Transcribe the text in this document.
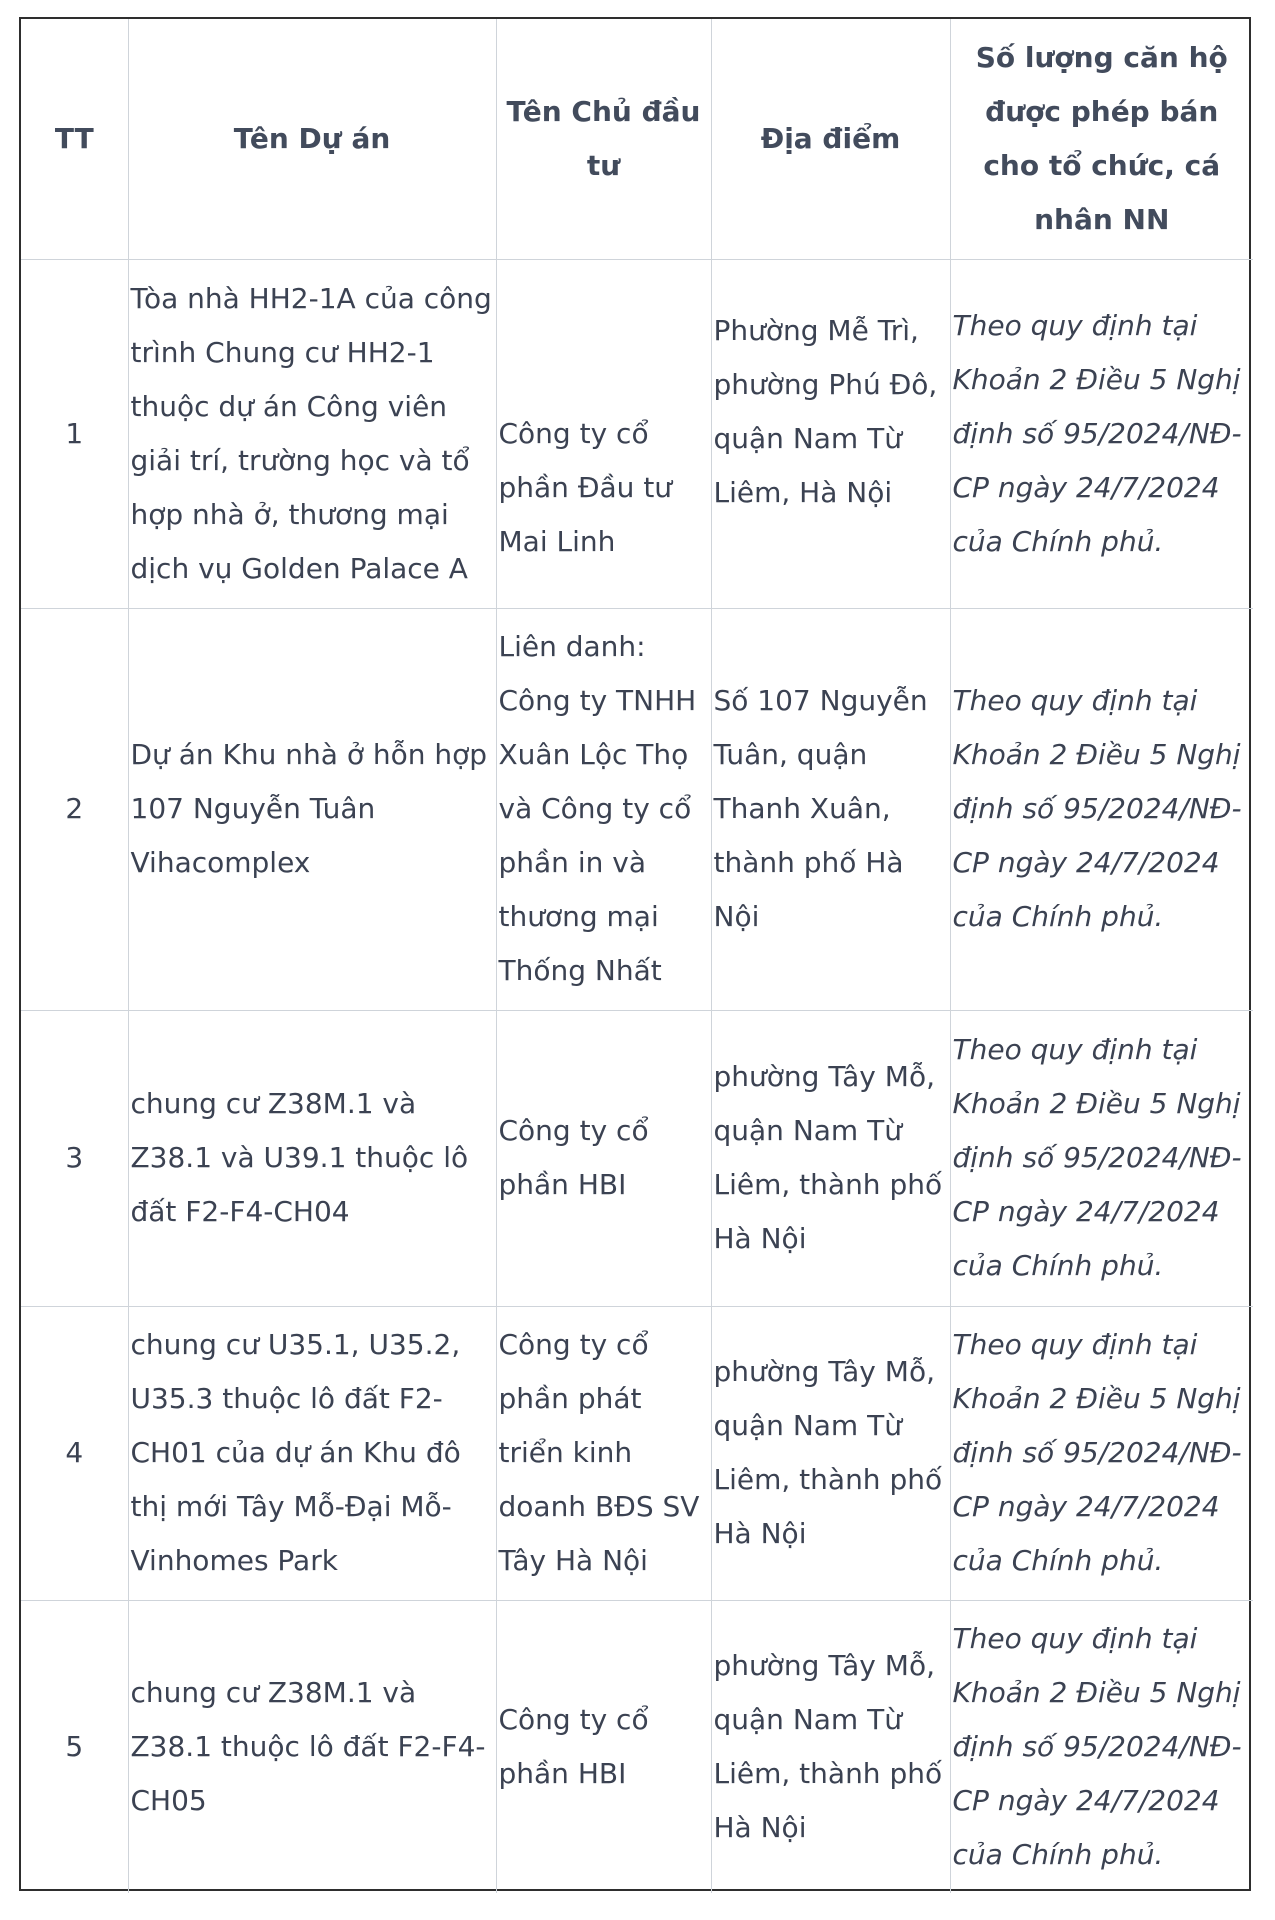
TT	Tên Dự án	Tên Chủ đầu tư	Địa điểm	Số lượng căn hộ được phép bán cho tổ chức, cá nhân NN
1	Tòa nhà HH2-1A của công trình Chung cư HH2-1 thuộc dự án Công viên giải trí, trường học và tổ hợp nhà ở, thương mại dịch vụ Golden Palace A	Công ty cổ phần Đầu tư Mai Linh	Phường Mễ Trì, phường Phú Đô, quận Nam Từ Liêm, Hà Nội	Theo quy định tại Khoản 2 Điều 5 Nghị định số 95/2024/NĐ-CP ngày 24/7/2024 của Chính phủ.
2	Dự án Khu nhà ở hỗn hợp 107 Nguyễn Tuân Vihacomplex	Liên danh: Công ty TNHH Xuân Lộc Thọ và Công ty cổ phần in và thương mại Thống Nhất	Số 107 Nguyễn Tuân, quận Thanh Xuân, thành phố Hà Nội	Theo quy định tại Khoản 2 Điều 5 Nghị định số 95/2024/NĐ-CP ngày 24/7/2024 của Chính phủ.
3	chung cư Z38M.1 và Z38.1 và U39.1 thuộc lô đất F2-F4-CH04	Công ty cổ phần HBI	phường Tây Mỗ, quận Nam Từ Liêm, thành phố Hà Nội	Theo quy định tại Khoản 2 Điều 5 Nghị định số 95/2024/NĐ-CP ngày 24/7/2024 của Chính phủ.
4	chung cư U35.1, U35.2, U35.3 thuộc lô đất F2-CH01 của dự án Khu đô thị mới Tây Mỗ-Đại Mỗ-Vinhomes Park	Công ty cổ phần phát triển kinh doanh BĐS SV Tây Hà Nội	phường Tây Mỗ, quận Nam Từ Liêm, thành phố Hà Nội	Theo quy định tại Khoản 2 Điều 5 Nghị định số 95/2024/NĐ-CP ngày 24/7/2024 của Chính phủ.
5	chung cư Z38M.1 và Z38.1 thuộc lô đất F2-F4-CH05	Công ty cổ phần HBI	phường Tây Mỗ, quận Nam Từ Liêm, thành phố Hà Nội	Theo quy định tại Khoản 2 Điều 5 Nghị định số 95/2024/NĐ-CP ngày 24/7/2024 của Chính phủ.
